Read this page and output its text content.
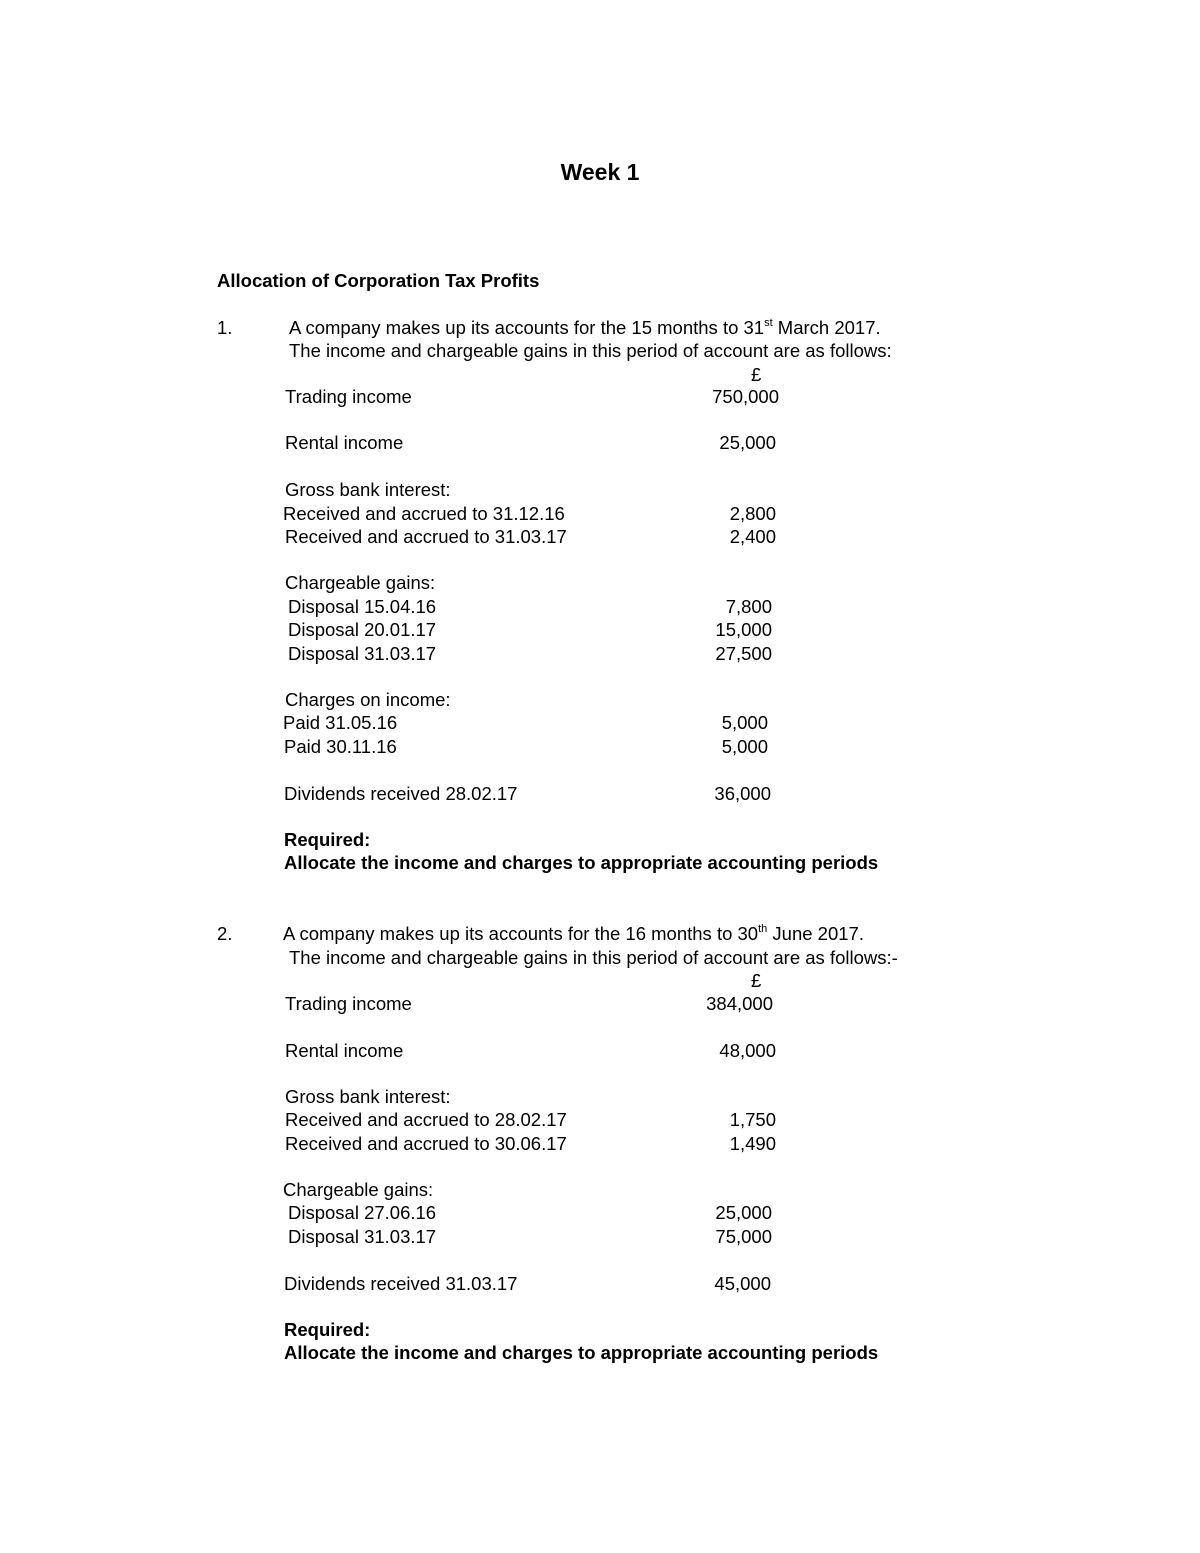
Week 1
Allocation of Corporation Tax Profits
1.	A company makes up its accounts for the 15 months to 31st March 2017.
The income and chargeable gains in this period of account are as follows:
£
Trading income	750,000
Rental income	25,000
Gross bank interest:
Received and accrued to 31.12.16	2,800
Received and accrued to 31.03.17	2,400
Chargeable gains:
Disposal 15.04.16	7,800
Disposal 20.01.17	15,000
Disposal 31.03.17	27,500
Charges on income:
Paid 31.05.16	5,000
Paid 30.11.16	5,000
Dividends received 28.02.17	36,000
Required:
Allocate the income and charges to appropriate accounting periods
2.	A company makes up its accounts for the 16 months to 30th June 2017.
The income and chargeable gains in this period of account are as follows:-
£
Trading income	384,000
Rental income	48,000
Gross bank interest:
Received and accrued to 28.02.17	1,750
Received and accrued to 30.06.17	1,490
Chargeable gains:
Disposal 27.06.16	25,000
Disposal 31.03.17	75,000
Dividends received 31.03.17	45,000
Required:
Allocate the income and charges to appropriate accounting periods
